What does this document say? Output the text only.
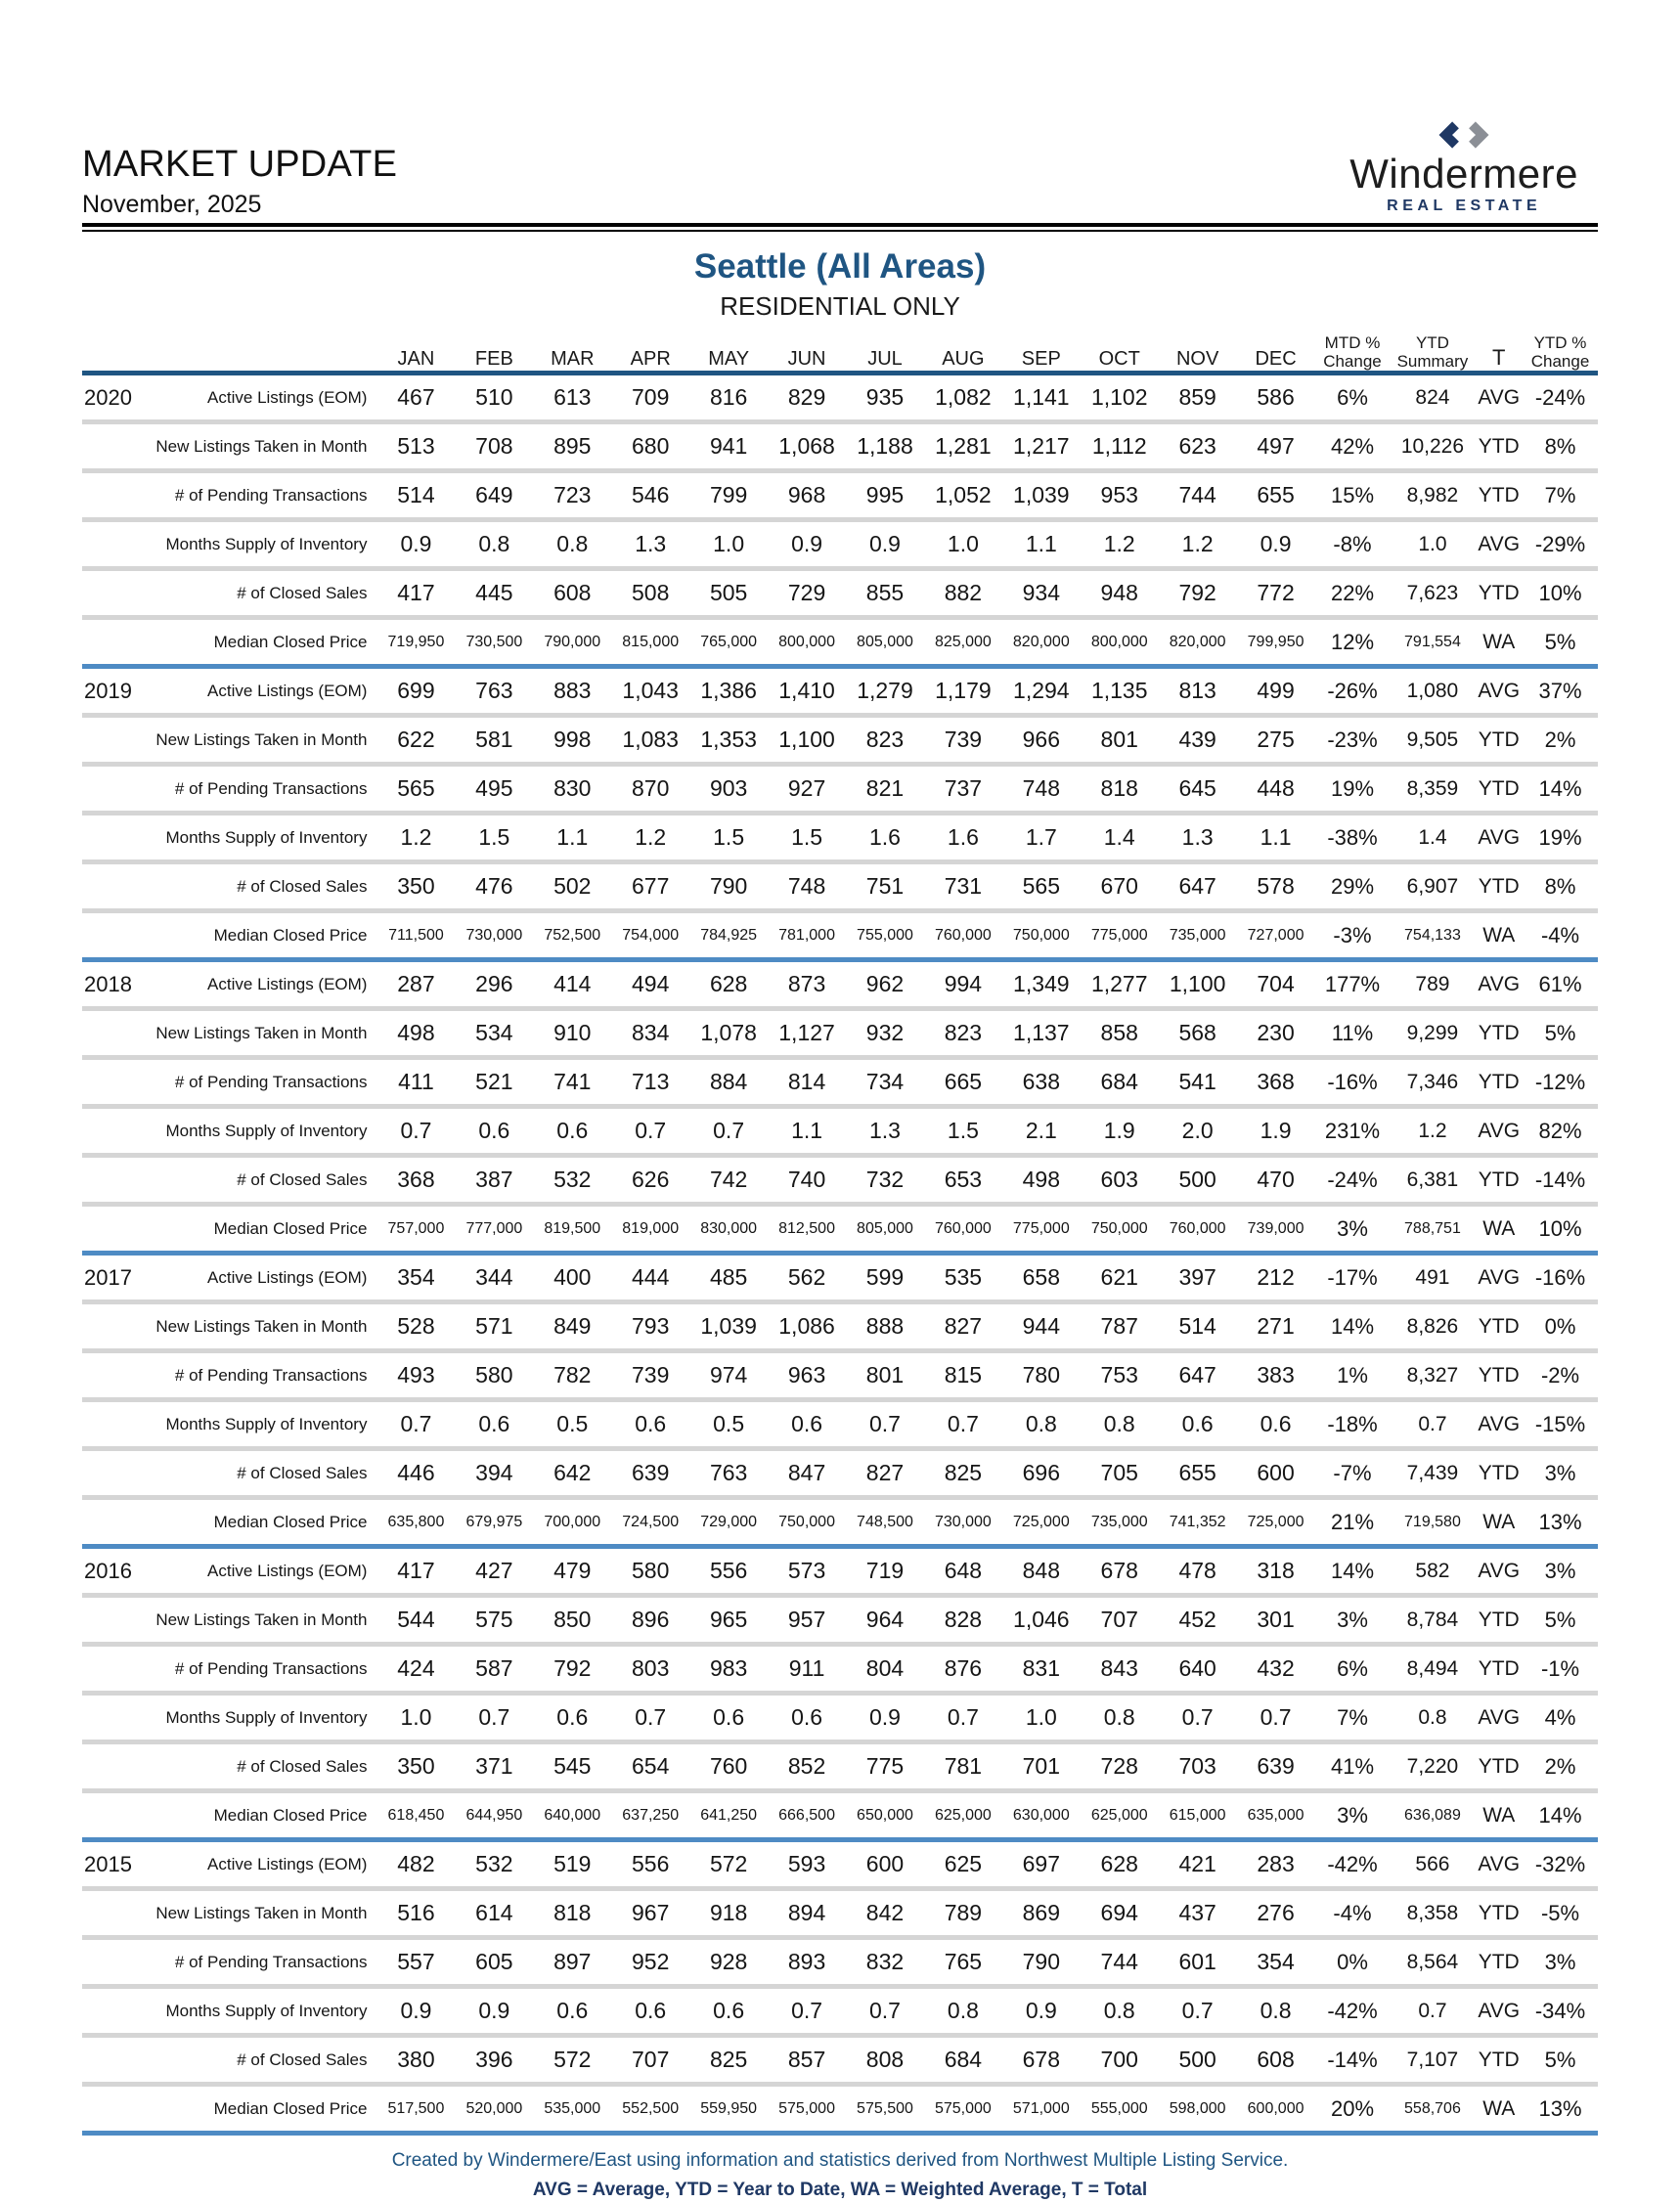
MARKET UPDATE
November, 2025
Windermere
REAL ESTATE
Seattle (All Areas)
RESIDENTIAL ONLY
		JAN	FEB	MAR	APR	MAY	JUN	JUL	AUG	SEP	OCT	NOV	DEC	MTD %
Change	YTD
Summary	T	YTD %
Change

2020	Active Listings (EOM)	467	510	613	709	816	829	935	1,082	1,141	1,102	859	586	6%	824	AVG	-24%

	New Listings Taken in Month	513	708	895	680	941	1,068	1,188	1,281	1,217	1,112	623	497	42%	10,226	YTD	8%

	# of Pending Transactions	514	649	723	546	799	968	995	1,052	1,039	953	744	655	15%	8,982	YTD	7%

	Months Supply of Inventory	0.9	0.8	0.8	1.3	1.0	0.9	0.9	1.0	1.1	1.2	1.2	0.9	-8%	1.0	AVG	-29%

	# of Closed Sales	417	445	608	508	505	729	855	882	934	948	792	772	22%	7,623	YTD	10%

	Median Closed Price	719,950	730,500	790,000	815,000	765,000	800,000	805,000	825,000	820,000	800,000	820,000	799,950	12%	791,554	WA	5%

2019	Active Listings (EOM)	699	763	883	1,043	1,386	1,410	1,279	1,179	1,294	1,135	813	499	-26%	1,080	AVG	37%

	New Listings Taken in Month	622	581	998	1,083	1,353	1,100	823	739	966	801	439	275	-23%	9,505	YTD	2%

	# of Pending Transactions	565	495	830	870	903	927	821	737	748	818	645	448	19%	8,359	YTD	14%

	Months Supply of Inventory	1.2	1.5	1.1	1.2	1.5	1.5	1.6	1.6	1.7	1.4	1.3	1.1	-38%	1.4	AVG	19%

	# of Closed Sales	350	476	502	677	790	748	751	731	565	670	647	578	29%	6,907	YTD	8%

	Median Closed Price	711,500	730,000	752,500	754,000	784,925	781,000	755,000	760,000	750,000	775,000	735,000	727,000	-3%	754,133	WA	-4%

2018	Active Listings (EOM)	287	296	414	494	628	873	962	994	1,349	1,277	1,100	704	177%	789	AVG	61%

	New Listings Taken in Month	498	534	910	834	1,078	1,127	932	823	1,137	858	568	230	11%	9,299	YTD	5%

	# of Pending Transactions	411	521	741	713	884	814	734	665	638	684	541	368	-16%	7,346	YTD	-12%

	Months Supply of Inventory	0.7	0.6	0.6	0.7	0.7	1.1	1.3	1.5	2.1	1.9	2.0	1.9	231%	1.2	AVG	82%

	# of Closed Sales	368	387	532	626	742	740	732	653	498	603	500	470	-24%	6,381	YTD	-14%

	Median Closed Price	757,000	777,000	819,500	819,000	830,000	812,500	805,000	760,000	775,000	750,000	760,000	739,000	3%	788,751	WA	10%

2017	Active Listings (EOM)	354	344	400	444	485	562	599	535	658	621	397	212	-17%	491	AVG	-16%

	New Listings Taken in Month	528	571	849	793	1,039	1,086	888	827	944	787	514	271	14%	8,826	YTD	0%

	# of Pending Transactions	493	580	782	739	974	963	801	815	780	753	647	383	1%	8,327	YTD	-2%

	Months Supply of Inventory	0.7	0.6	0.5	0.6	0.5	0.6	0.7	0.7	0.8	0.8	0.6	0.6	-18%	0.7	AVG	-15%

	# of Closed Sales	446	394	642	639	763	847	827	825	696	705	655	600	-7%	7,439	YTD	3%

	Median Closed Price	635,800	679,975	700,000	724,500	729,000	750,000	748,500	730,000	725,000	735,000	741,352	725,000	21%	719,580	WA	13%

2016	Active Listings (EOM)	417	427	479	580	556	573	719	648	848	678	478	318	14%	582	AVG	3%

	New Listings Taken in Month	544	575	850	896	965	957	964	828	1,046	707	452	301	3%	8,784	YTD	5%

	# of Pending Transactions	424	587	792	803	983	911	804	876	831	843	640	432	6%	8,494	YTD	-1%

	Months Supply of Inventory	1.0	0.7	0.6	0.7	0.6	0.6	0.9	0.7	1.0	0.8	0.7	0.7	7%	0.8	AVG	4%

	# of Closed Sales	350	371	545	654	760	852	775	781	701	728	703	639	41%	7,220	YTD	2%

	Median Closed Price	618,450	644,950	640,000	637,250	641,250	666,500	650,000	625,000	630,000	625,000	615,000	635,000	3%	636,089	WA	14%

2015	Active Listings (EOM)	482	532	519	556	572	593	600	625	697	628	421	283	-42%	566	AVG	-32%

	New Listings Taken in Month	516	614	818	967	918	894	842	789	869	694	437	276	-4%	8,358	YTD	-5%

	# of Pending Transactions	557	605	897	952	928	893	832	765	790	744	601	354	0%	8,564	YTD	3%

	Months Supply of Inventory	0.9	0.9	0.6	0.6	0.6	0.7	0.7	0.8	0.9	0.8	0.7	0.8	-42%	0.7	AVG	-34%

	# of Closed Sales	380	396	572	707	825	857	808	684	678	700	500	608	-14%	7,107	YTD	5%

	Median Closed Price	517,500	520,000	535,000	552,500	559,950	575,000	575,500	575,000	571,000	555,000	598,000	600,000	20%	558,706	WA	13%

Created by Windermere/East using information and statistics derived from Northwest Multiple Listing Service.
AVG = Average, YTD = Year to Date, WA = Weighted Average, T = Total
